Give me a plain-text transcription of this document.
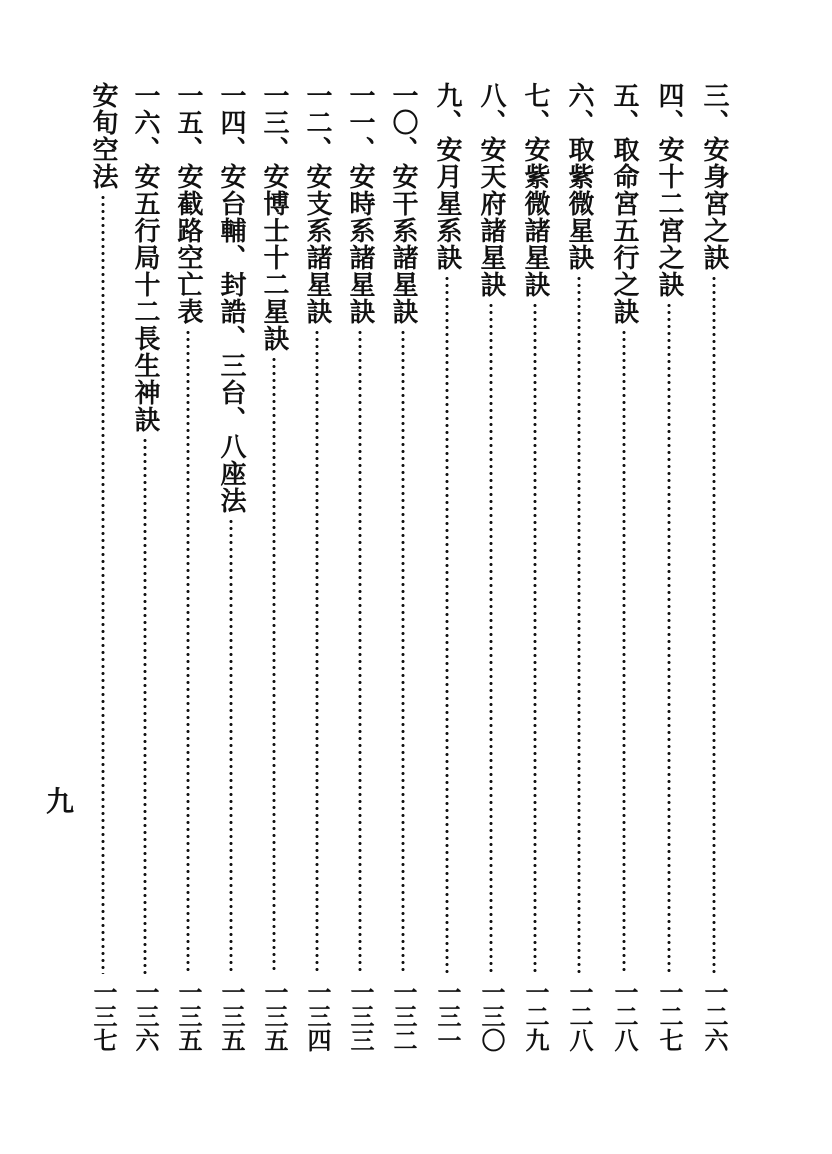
三、安身宮之訣
一二六
四、安十二宮之訣
一二七
五、取命宮五行之訣
一二八
六、取紫微星訣
一二八
七、安紫微諸星訣
一二九
八、安天府諸星訣
一三〇
九、安月星系訣
一三一
一〇、安干系諸星訣
一三二
一一、安時系諸星訣
一三三
一二、安支系諸星訣
一三四
一三、安博士十二星訣
一三五
一四、安台輔、封誥、三台、八座法
一三五
一五、安截路空亡表
一三五
一六、安五行局十二長生神訣
一三六
安旬空法
一三七
九
